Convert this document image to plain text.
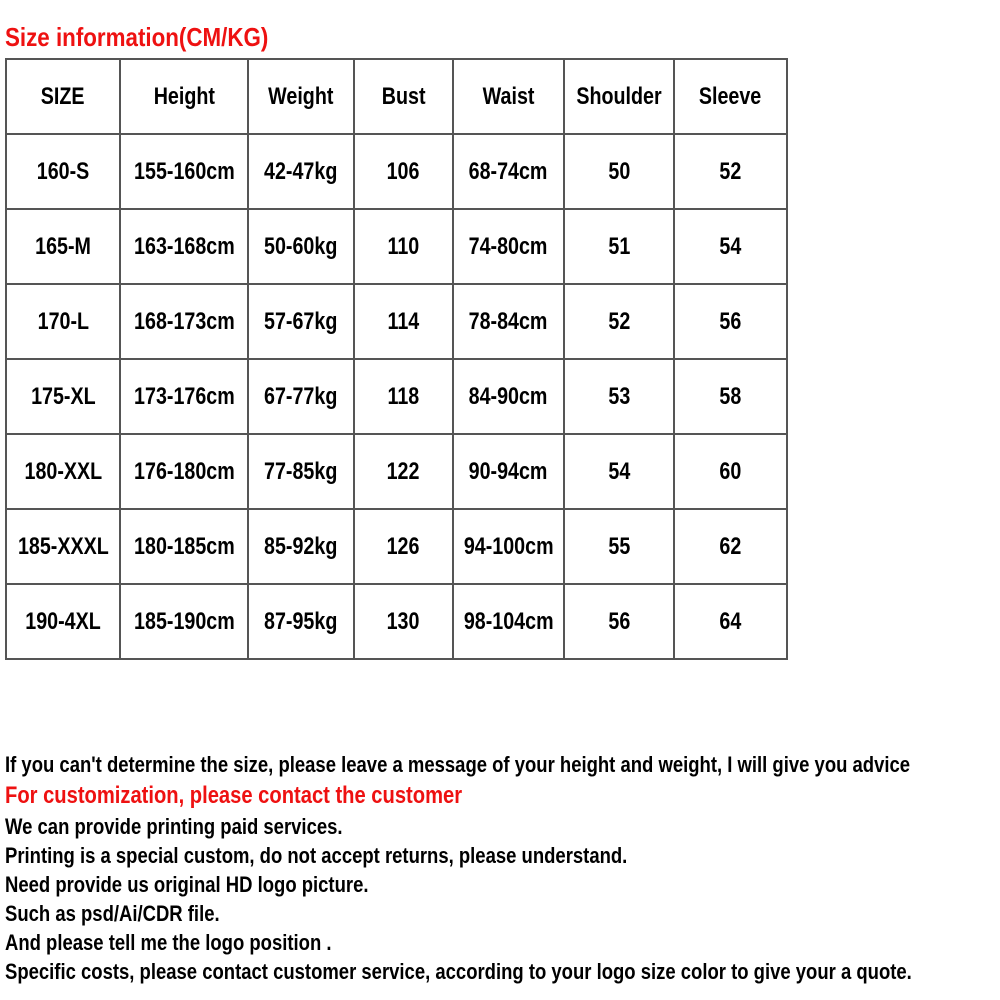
Size information(CM/KG)
SIZE	Height	Weight	Bust	Waist	Shoulder	Sleeve
160-S	155-160cm	42-47kg	106	68-74cm	50	52
165-M	163-168cm	50-60kg	110	74-80cm	51	54
170-L	168-173cm	57-67kg	114	78-84cm	52	56
175-XL	173-176cm	67-77kg	118	84-90cm	53	58
180-XXL	176-180cm	77-85kg	122	90-94cm	54	60
185-XXXL	180-185cm	85-92kg	126	94-100cm	55	62
190-4XL	185-190cm	87-95kg	130	98-104cm	56	64
If you can't determine the size, please leave a message of your height and weight, I will give you advice
For customization, please contact the customer
We can provide printing paid services.
Printing is a special custom, do not accept returns, please understand.
Need provide us original HD logo picture.
Such as psd/Ai/CDR file.
And please tell me the logo position .
Specific costs, please contact customer service, according to your logo size color to give your a quote.
